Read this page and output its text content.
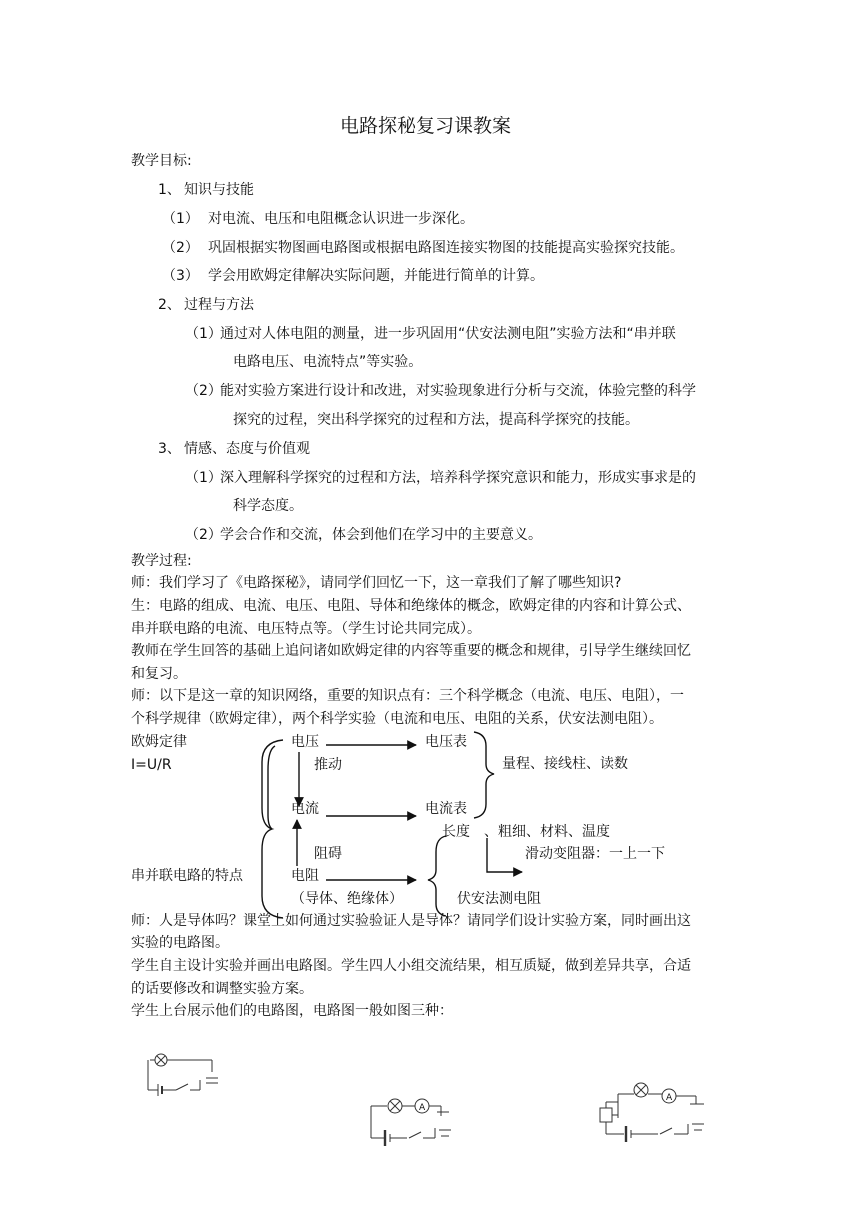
电路探秘复习课教案
教学目标:
1、 知识与技能
（1） 对电流、电压和电阻概念认识进一步深化。
（2） 巩固根据实物图画电路图或根据电路图连接实物图的技能提高实验探究技能。
（3） 学会用欧姆定律解决实际问题，并能进行简单的计算。
2、 过程与方法
（1）
通过对人体电阻的测量，进一步巩固用“伏安法测电阻”实验方法和“串并联
电路电压、电流特点”等实验。
（2）
能对实验方案进行设计和改进，对实验现象进行分析与交流，体验完整的科学
探究的过程，突出科学探究的过程和方法，提高科学探究的技能。
3、 情感、态度与价值观
（1）
深入理解科学探究的过程和方法，培养科学探究意识和能力，形成实事求是的
科学态度。
（2）
学会合作和交流，体会到他们在学习中的主要意义。
教学过程:
师：我们学习了《电路探秘》，请同学们回忆一下，这一章我们了解了哪些知识?
生：电路的组成、电流、电压、电阻、导体和绝缘体的概念，欧姆定律的内容和计算公式、
串并联电路的电流、电压特点等。（学生讨论共同完成）。
教师在学生回答的基础上追问诸如欧姆定律的内容等重要的概念和规律，引导学生继续回忆
和复习。
师：以下是这一章的知识网络，重要的知识点有：三个科学概念（电流、电压、电阻），一
个科学规律（欧姆定律），两个科学实验（电流和电压、电阻的关系，伏安法测电阻）。
欧姆定律
I=U/R
串并联电路的特点
电压
推动
电流
阻碍
电阻
（导体、绝缘体）
电压表
电流表
量程、接线柱、读数
长度 、粗细、材料、温度
滑动变阻器：一上一下
伏安法测电阻
师：人是导体吗？课堂上如何通过实验验证人是导体？请同学们设计实验方案，同时画出这
实验的电路图。
学生自主设计实验并画出电路图。学生四人小组交流结果，相互质疑，做到差异共享，合适
的话要修改和调整实验方案。
学生上台展示他们的电路图，电路图一般如图三种：
A
A
